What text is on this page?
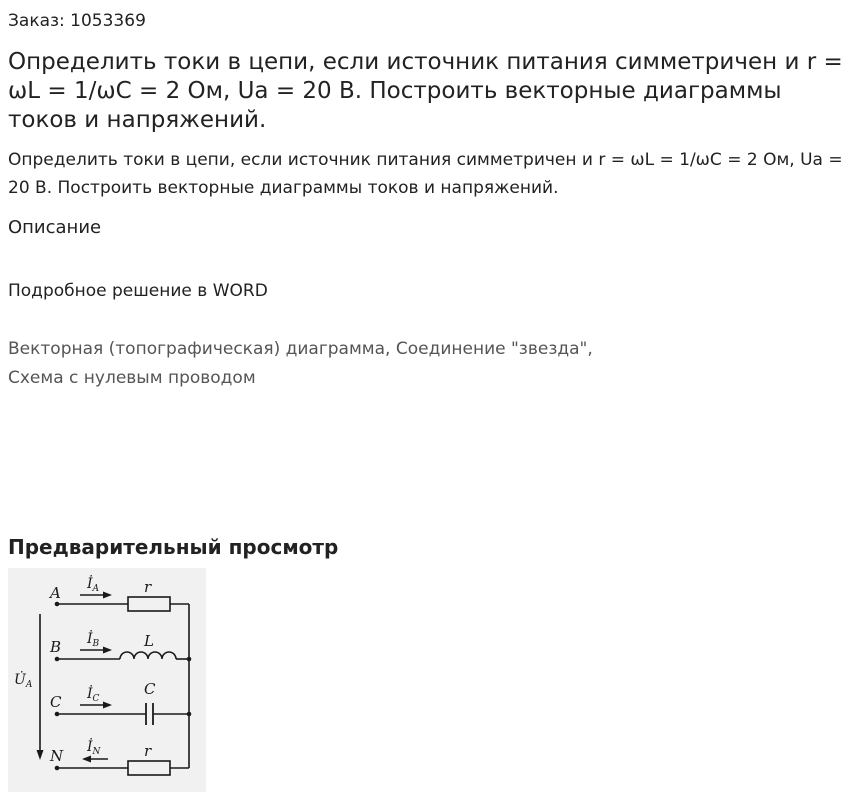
Заказ: 1053369
Определить токи в цепи, если источник питания симметричен и r = ωL = 1/ωC = 2 Ом, Ua = 20 В. Построить векторные диаграммы токов и напряжений.

Определить токи в цепи, если источник питания симметричен и r = ωL = 1/ωC = 2 Ом, Ua = 20 В. Построить векторные диаграммы токов и напряжений.

Описание
Подробное решение в WORD
Векторная (топографическая) диаграмма, Соединение "звезда", Схема с нулевым проводом
Предварительный просмотр
A
B
C
N
$İ_A$
$İ_B$
$İ_C$
$İ_N$
r
L
C
r
$U̇_A$
